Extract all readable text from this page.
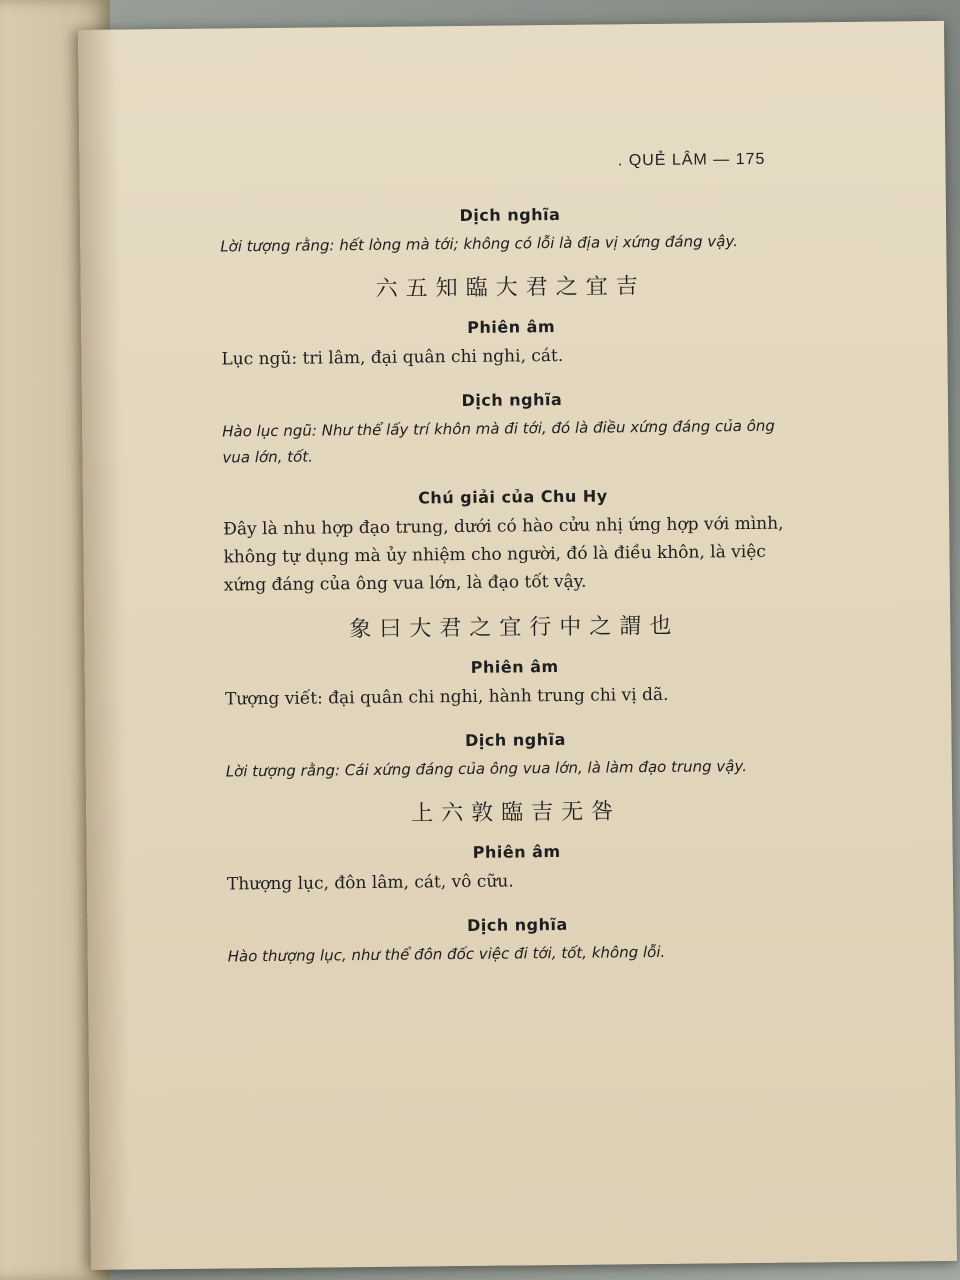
. QUẺ LÂM — 175
Dịch nghĩa
Lời tượng rằng: hết lòng mà tới; không có lỗi là địa vị xứng đáng vậy.
六五知臨大君之宜吉
Phiên âm
Lục ngũ: tri lâm, đại quân chi nghi, cát.
Dịch nghĩa
Hào lục ngũ: Như thể lấy trí khôn mà đi tới, đó là điều xứng đáng của ông vua lớn, tốt.
Chú giải của Chu Hy
Đây là nhu hợp đạo trung, dưới có hào cửu nhị ứng hợp với mình, không tự dụng mà ủy nhiệm cho người, đó là điều khôn, là việc xứng đáng của ông vua lớn, là đạo tốt vậy.
象曰大君之宜行中之謂也
Phiên âm
Tượng viết: đại quân chi nghi, hành trung chi vị dã.
Dịch nghĩa
Lời tượng rằng: Cái xứng đáng của ông vua lớn, là làm đạo trung vậy.
上六敦臨吉无咎
Phiên âm
Thượng lục, đôn lâm, cát, vô cữu.
Dịch nghĩa
Hào thượng lục, như thể đôn đốc việc đi tới, tốt, không lỗi.
